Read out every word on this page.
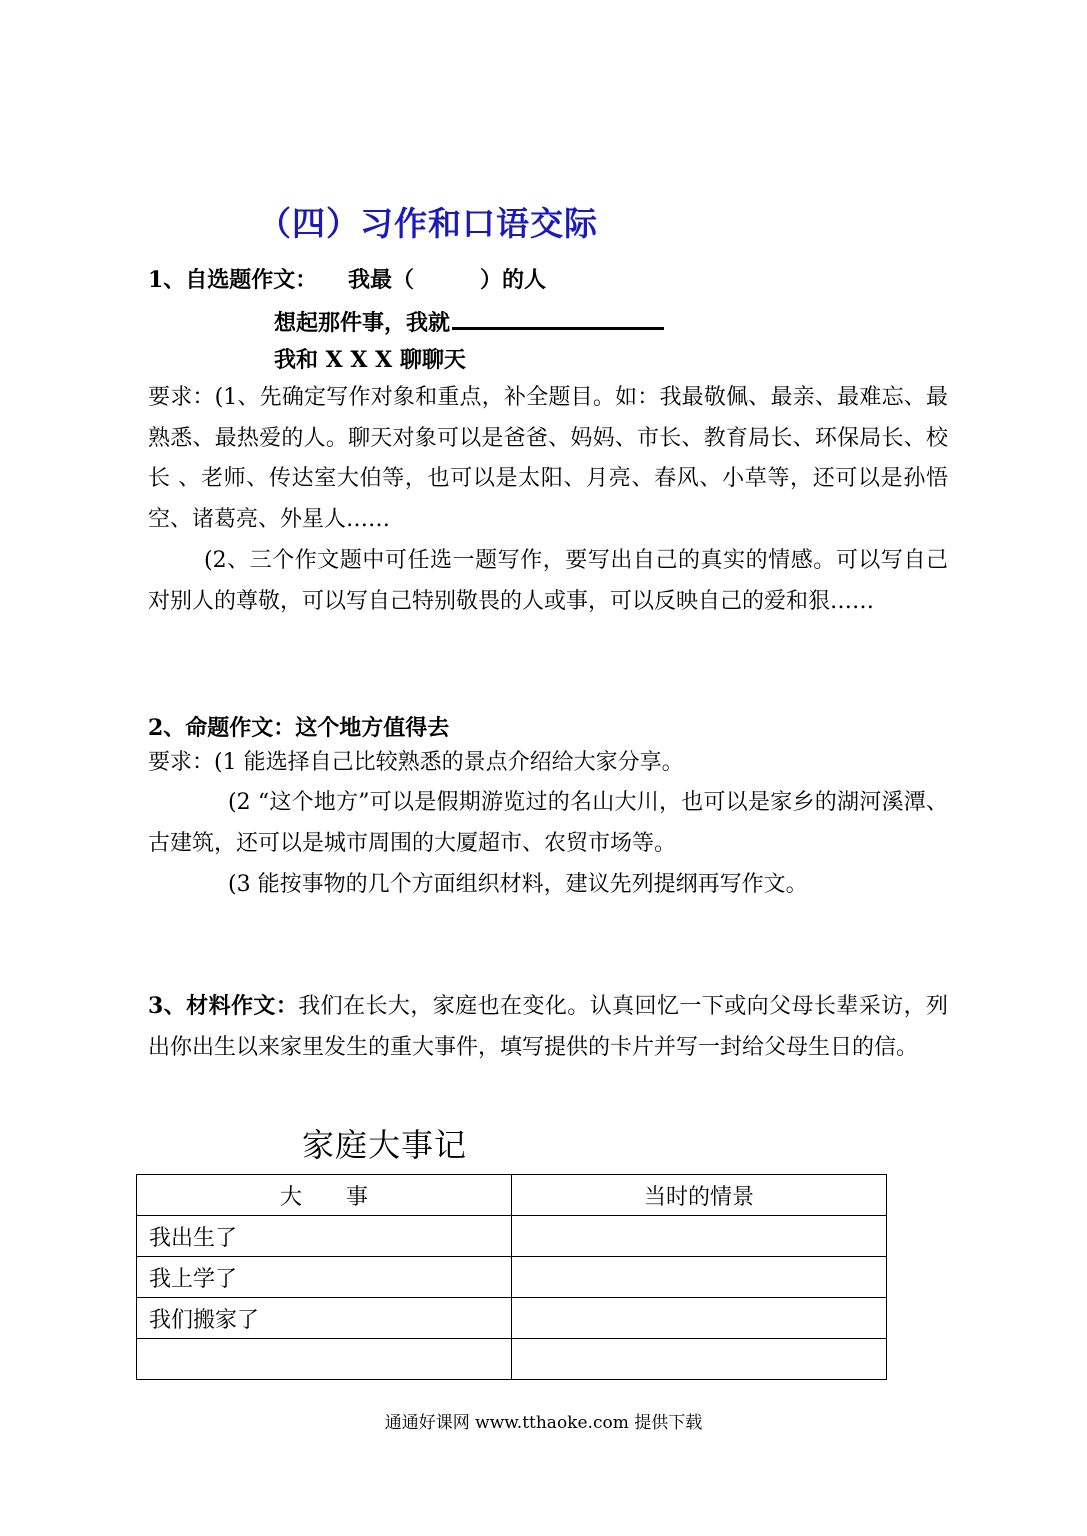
（四）习作和口语交际
1、自选题作文： 我最（　　　）的人
想起那件事，我就
我和 X X X 聊聊天
要求：(1、先确定写作对象和重点，补全题目。如：我最敬佩、最亲、最难忘、最熟悉、最热爱的人。聊天对象可以是爸爸、妈妈、市长、教育局长、环保局长、校长 、老师、传达室大伯等，也可以是太阳、月亮、春风、小草等，还可以是孙悟空、诸葛亮、外星人……
(2、三个作文题中可任选一题写作，要写出自己的真实的情感。可以写自己对别人的尊敬，可以写自己特别敬畏的人或事，可以反映自己的爱和狠……
2、命题作文：这个地方值得去
要求：(1 能选择自己比较熟悉的景点介绍给大家分享。
(2 “这个地方”可以是假期游览过的名山大川，也可以是家乡的湖河溪潭、古建筑，还可以是城市周围的大厦超市、农贸市场等。
(3 能按事物的几个方面组织材料，建议先列提纲再写作文。
3、材料作文：我们在长大，家庭也在变化。认真回忆一下或向父母长辈采访，列出你出生以来家里发生的重大事件，填写提供的卡片并写一封给父母生日的信。
家庭大事记
大　　事	当时的情景
我出生了	
我上学了	
我们搬家了	

通通好课网 www.tthaoke.com 提供下载
